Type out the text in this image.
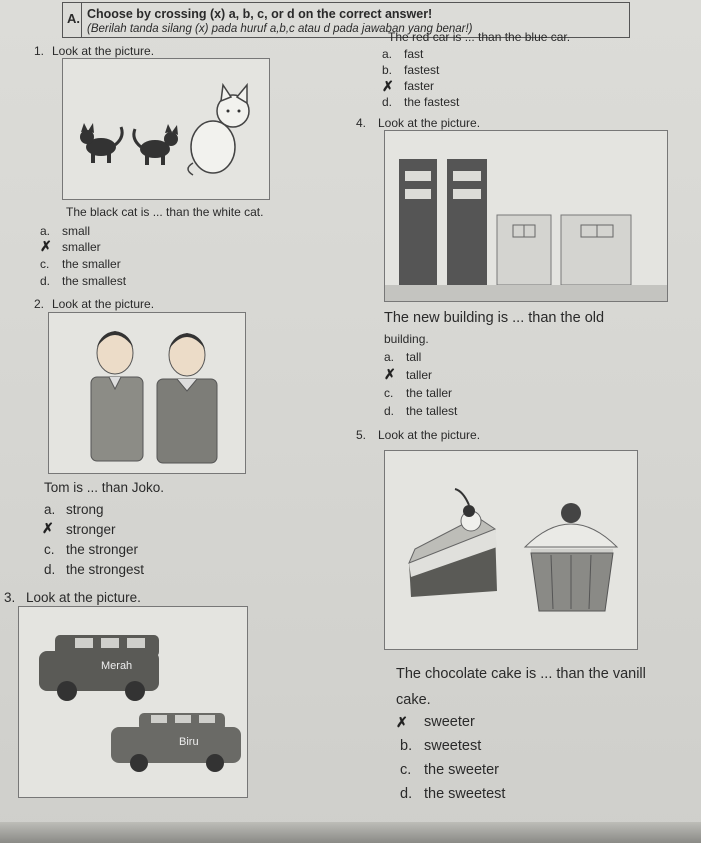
A. Choose by crossing (x) a, b, c, or d on the correct answer!
(Berilah tanda silang (x) pada huruf a,b,c atau d pada jawaban yang benar!)
1. Look at the picture.
The black cat is ... than the white cat.
a. small
✗ smaller
c. the smaller
d. the smallest
2. Look at the picture.
Tom is ... than Joko.
a. strong
✗ stronger
c. the stronger
d. the strongest
3. Look at the picture.
Merah
Biru
The red car is ... than the blue car.
a. fast
b. fastest
✗ faster
d. the fastest
4. Look at the picture.
The new building is ... than the old
building.
a. tall
✗ taller
c. the taller
d. the tallest
5. Look at the picture.
The chocolate cake is ... than the vanill
cake.
✗ sweeter
b. sweetest
c. the sweeter
d. the sweetest
